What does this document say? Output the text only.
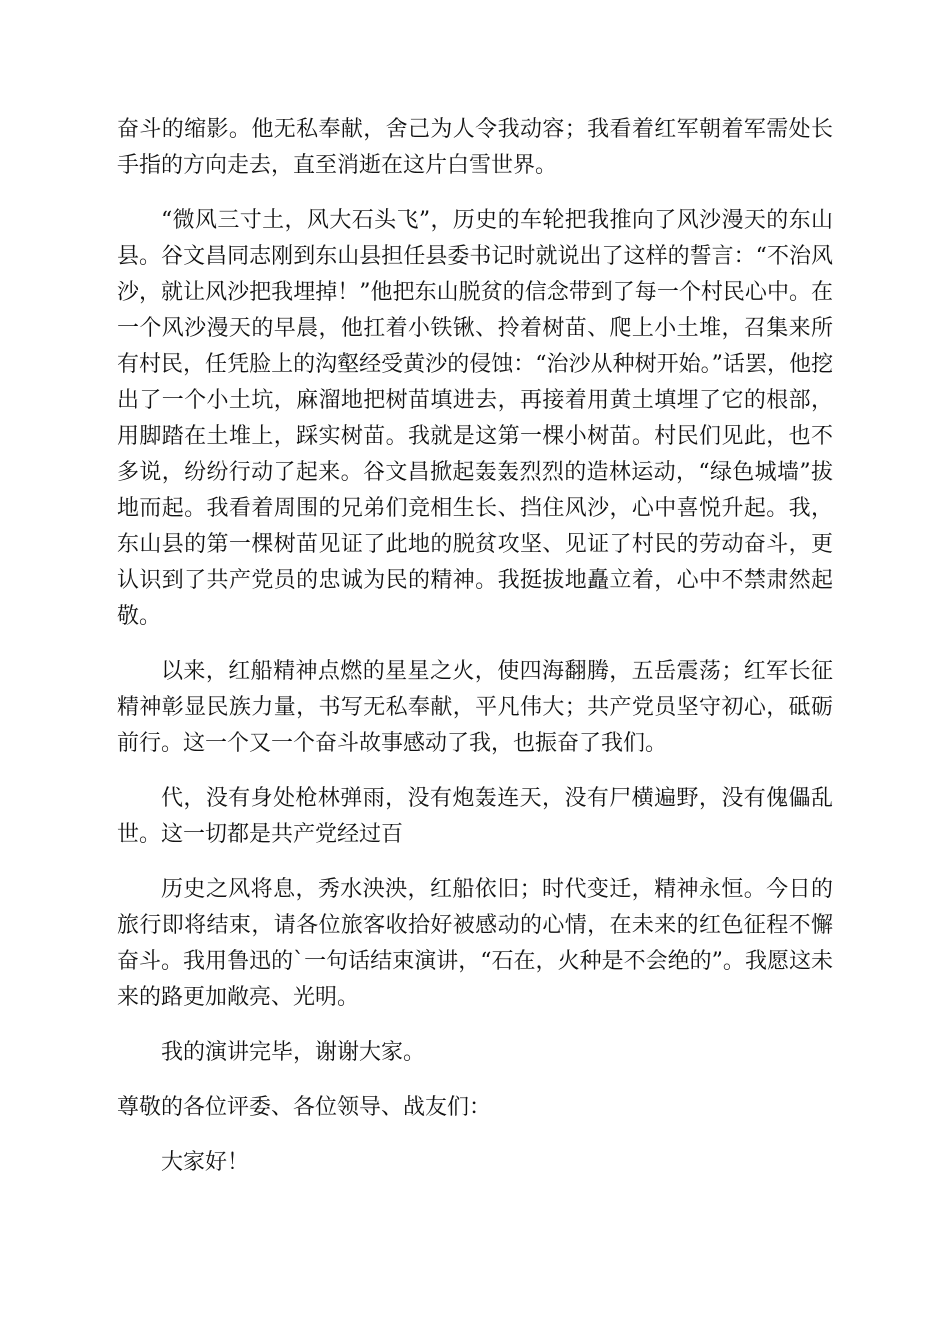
奋斗的缩影。他无私奉献，舍己为人令我动容；我看着红军朝着军需处长手指的方向走去，直至消逝在这片白雪世界。

“微风三寸土，风大石头飞”，历史的车轮把我推向了风沙漫天的东山县。谷文昌同志刚到东山县担任县委书记时就说出了这样的誓言：“不治风沙，就让风沙把我埋掉！”他把东山脱贫的信念带到了每一个村民心中。在一个风沙漫天的早晨，他扛着小铁锹、拎着树苗、爬上小土堆，召集来所有村民，任凭脸上的沟壑经受黄沙的侵蚀：“治沙从种树开始。”话罢，他挖出了一个小土坑，麻溜地把树苗填进去，再接着用黄土填埋了它的根部，用脚踏在土堆上，踩实树苗。我就是这第一棵小树苗。村民们见此，也不多说，纷纷行动了起来。谷文昌掀起轰轰烈烈的造林运动，“绿色城墙”拔地而起。我看着周围的兄弟们竞相生长、挡住风沙，心中喜悦升起。我，东山县的第一棵树苗见证了此地的脱贫攻坚、见证了村民的劳动奋斗，更认识到了共产党员的忠诚为民的精神。我挺拔地矗立着，心中不禁肃然起敬。

以来，红船精神点燃的星星之火，使四海翻腾，五岳震荡；红军长征精神彰显民族力量，书写无私奉献，平凡伟大；共产党员坚守初心，砥砺前行。这一个又一个奋斗故事感动了我，也振奋了我们。

代，没有身处枪林弹雨，没有炮轰连天，没有尸横遍野，没有傀儡乱世。这一切都是共产党经过百

历史之风将息，秀水泱泱，红船依旧；时代变迁，精神永恒。今日的旅行即将结束，请各位旅客收拾好被感动的心情，在未来的红色征程不懈奋斗。我用鲁迅的`一句话结束演讲，“石在，火种是不会绝的”。我愿这未来的路更加敞亮、光明。

我的演讲完毕，谢谢大家。

尊敬的各位评委、各位领导、战友们：

大家好！
